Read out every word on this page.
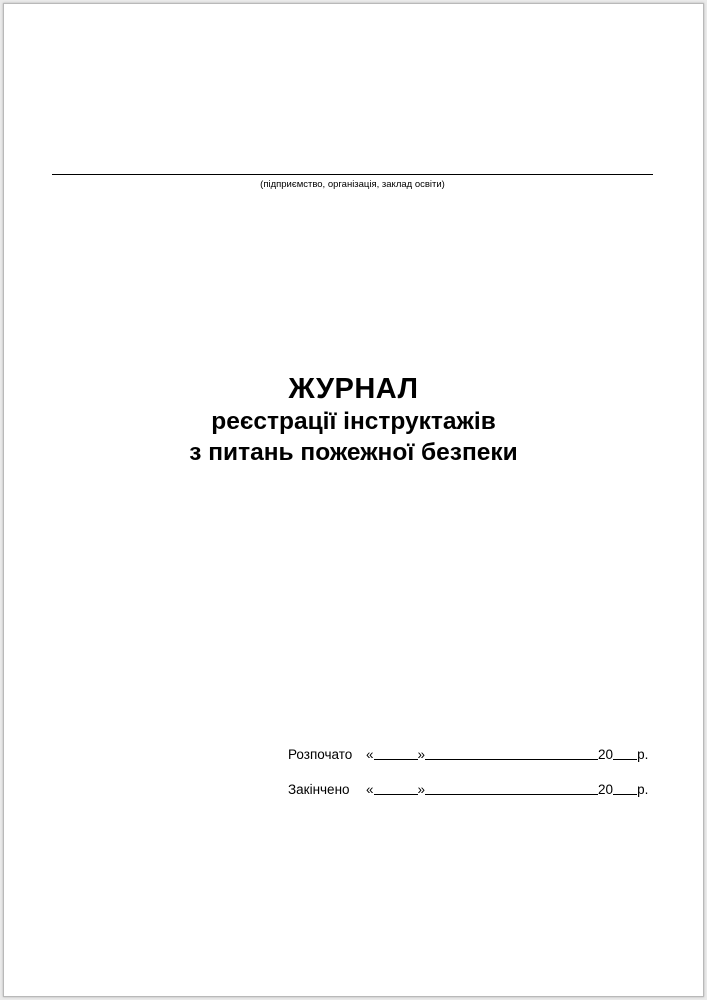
(підприємство, організація, заклад освіти)
ЖУРНАЛ
реєстрації інструктажів
з питань пожежної безпеки
Розпочато «	»	20 р.
Закінчено «	»	20 р.
